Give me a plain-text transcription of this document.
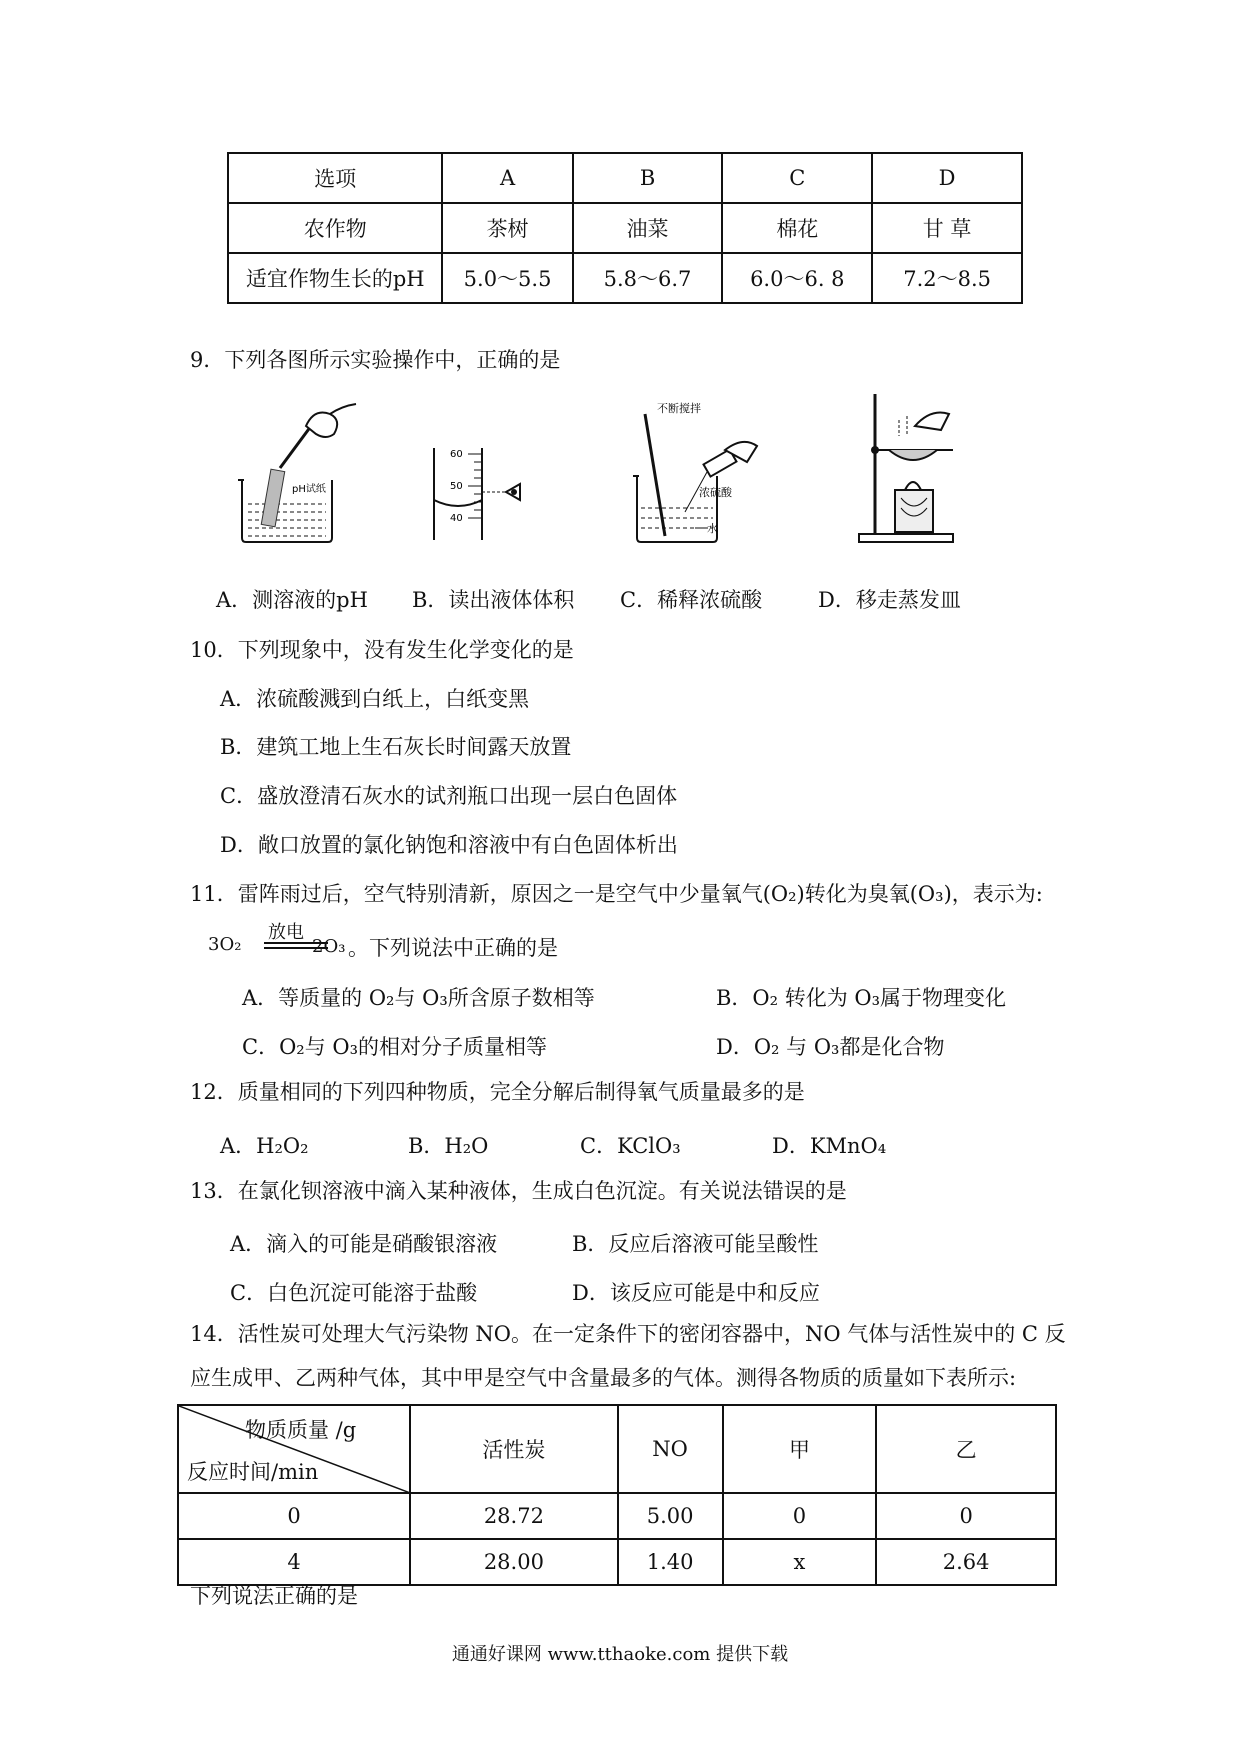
选项	A	B	C	D
农作物	茶树	油菜	棉花	甘 草
适宜作物生长的pH	5.0～5.5	5.8～6.7	6.0～6. 8	7.2～8.5
9．下列各图所示实验操作中，正确的是
pH试纸
60
50
40
不断搅拌
浓硫酸
水
A．测溶液的pH B．读出液体体积 C．稀释浓硫酸	D．移走蒸发皿
10．下列现象中，没有发生化学变化的是
A．浓硫酸溅到白纸上，白纸变黑
B．建筑工地上生石灰长时间露天放置
C．盛放澄清石灰水的试剂瓶口出现一层白色固体
D．敞口放置的氯化钠饱和溶液中有白色固体析出
11．雷阵雨过后，空气特别清新，原因之一是空气中少量氧气(O₂)转化为臭氧(O₃)，表示为:
3O₂
放电
2O₃ 。下列说法中正确的是
A．等质量的 O₂与 O₃所含原子数相等	B．O₂ 转化为 O₃属于物理变化
C．O₂与 O₃的相对分子质量相等	D．O₂ 与 O₃都是化合物
12．质量相同的下列四种物质，完全分解后制得氧气质量最多的是
A．H₂O₂	B．H₂O	C．KClO₃	D．KMnO₄
13．在氯化钡溶液中滴入某种液体，生成白色沉淀。有关说法错误的是
A．滴入的可能是硝酸银溶液	B．反应后溶液可能呈酸性
C．白色沉淀可能溶于盐酸	D．该反应可能是中和反应
14．活性炭可处理大气污染物 NO。在一定条件下的密闭容器中，NO 气体与活性炭中的 C 反
应生成甲、乙两种气体，其中甲是空气中含量最多的气体。测得各物质的质量如下表所示:
物质质量 /g
反应时间/min	活性炭	NO	甲	乙
0	28.72	5.00	0	0
4	28.00	1.40	x	2.64
下列说法正确的是
通通好课网 www.tthaoke.com 提供下载
